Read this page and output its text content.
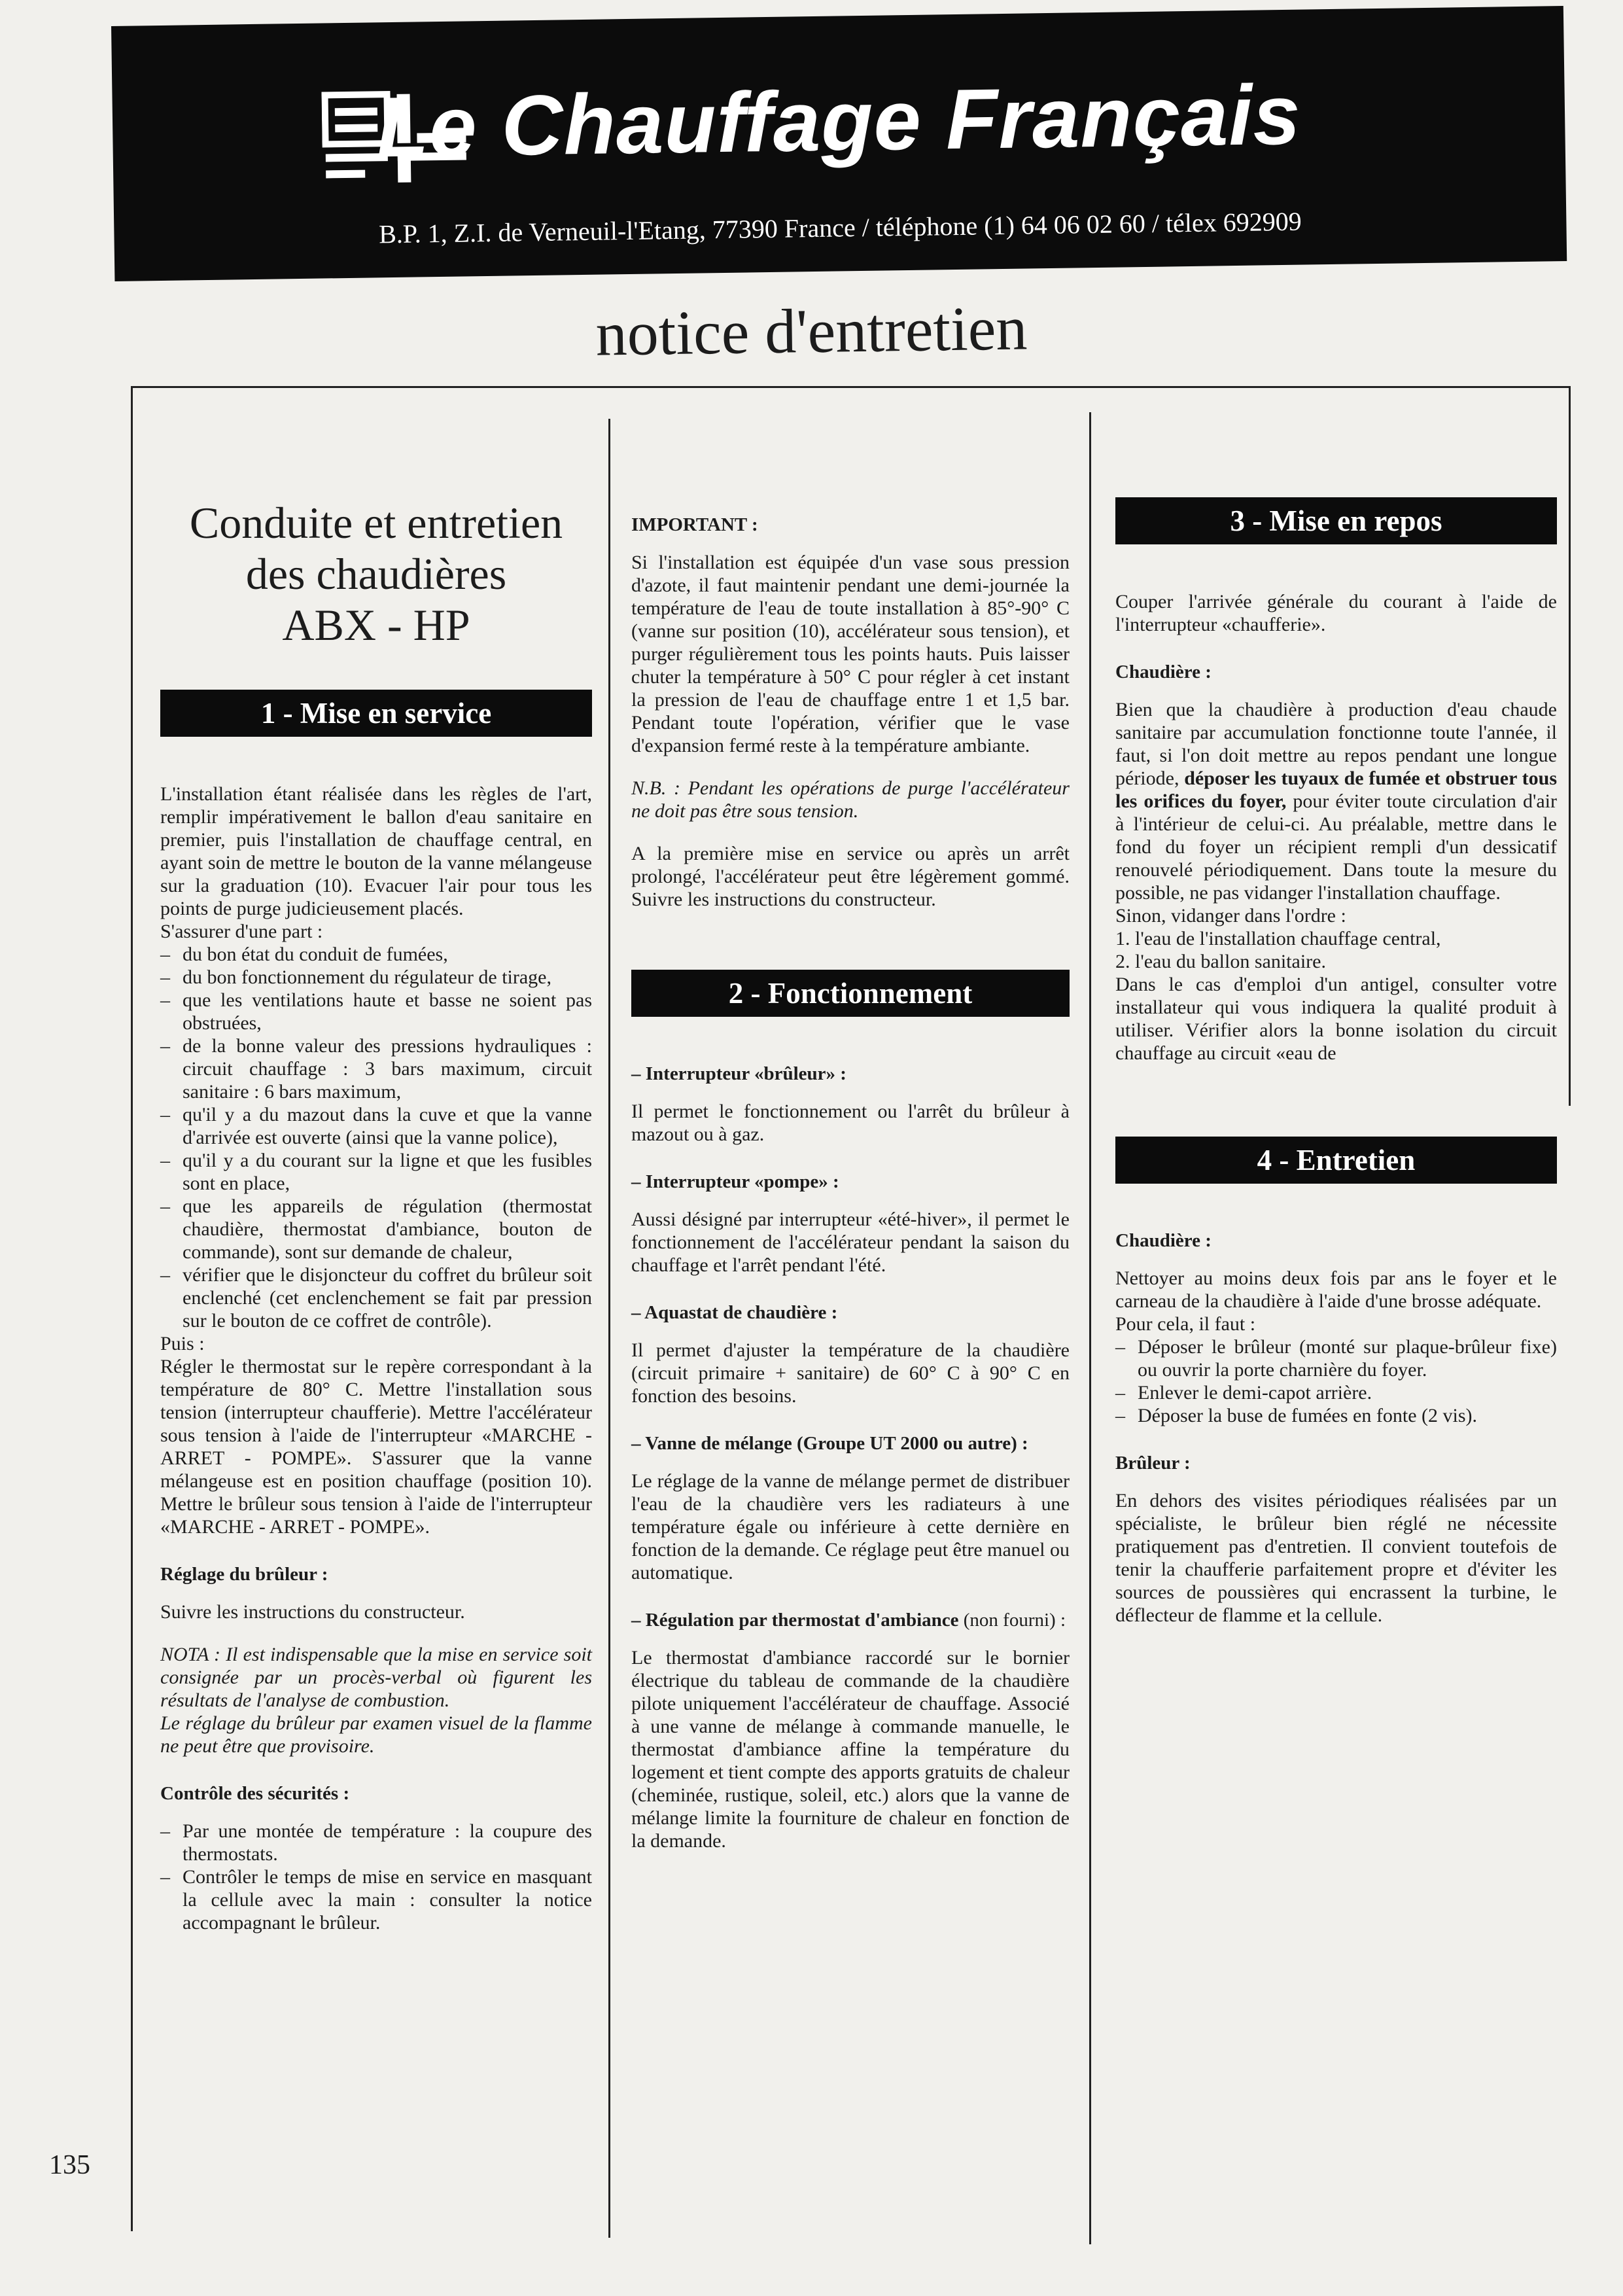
Le Chauffage Français
B.P. 1, Z.I. de Verneuil-l'Etang, 77390 France / téléphone (1) 64 06 02 60 / télex 692909
notice d'entretien
Conduite et entretien
des chaudières
ABX - HP
1 - Mise en service

L'installation étant réalisée dans les règles de l'art, remplir impérativement le ballon d'eau sanitaire en premier, puis l'installation de chauffage central, en ayant soin de mettre le bouton de la vanne mélangeuse sur la graduation (10). Evacuer l'air pour tous les points de purge judicieusement placés.

S'assurer d'une part :

– du bon état du conduit de fumées,
– du bon fonctionnement du régulateur de tirage,
– que les ventilations haute et basse ne soient pas obstruées,
– de la bonne valeur des pressions hydrauliques : circuit chauffage : 3 bars maximum, circuit sanitaire : 6 bars maximum,
– qu'il y a du mazout dans la cuve et que la vanne d'arrivée est ouverte (ainsi que la vanne police),
– qu'il y a du courant sur la ligne et que les fusibles sont en place,
– que les appareils de régulation (thermostat chaudière, thermostat d'ambiance, bouton de commande), sont sur demande de chaleur,
– vérifier que le disjoncteur du coffret du brûleur soit enclenché (cet enclenchement se fait par pression sur le bouton de ce coffret de contrôle).

Puis :

Régler le thermostat sur le repère correspondant à la température de 80° C. Mettre l'installation sous tension (interrupteur chaufferie). Mettre l'accélérateur sous tension à l'aide de l'interrupteur «MARCHE - ARRET - POMPE». S'assurer que la vanne mélangeuse est en position chauffage (position 10). Mettre le brûleur sous tension à l'aide de l'interrupteur «MARCHE - ARRET - POMPE».

Réglage du brûleur :

Suivre les instructions du constructeur.

NOTA : Il est indispensable que la mise en service soit consignée par un procès-verbal où figurent les résultats de l'analyse de combustion.

Le réglage du brûleur par examen visuel de la flamme ne peut être que provisoire.

Contrôle des sécurités :
– Par une montée de température : la coupure des thermostats.
– Contrôler le temps de mise en service en masquant la cellule avec la main : consulter la notice accompagnant le brûleur.
IMPORTANT :

Si l'installation est équipée d'un vase sous pression d'azote, il faut maintenir pendant une demi-journée la température de l'eau de toute installation à 85°-90° C (vanne sur position (10), accélérateur sous tension), et purger régulièrement tous les points hauts. Puis laisser chuter la température à 50° C pour régler à cet instant la pression de l'eau de chauffage entre 1 et 1,5 bar. Pendant toute l'opération, vérifier que le vase d'expansion fermé reste à la température ambiante.

N.B. : Pendant les opérations de purge l'accélérateur ne doit pas être sous tension.

A la première mise en service ou après un arrêt prolongé, l'accélérateur peut être légèrement gommé. Suivre les instructions du constructeur.

2 - Fonctionnement
– Interrupteur «brûleur» :

Il permet le fonctionnement ou l'arrêt du brûleur à mazout ou à gaz.

– Interrupteur «pompe» :

Aussi désigné par interrupteur «été-hiver», il permet le fonctionnement de l'accélérateur pendant la saison du chauffage et l'arrêt pendant l'été.

– Aquastat de chaudière :

Il permet d'ajuster la température de la chaudière (circuit primaire + sanitaire) de 60° C à 90° C en fonction des besoins.

– Vanne de mélange (Groupe UT 2000 ou autre) :

Le réglage de la vanne de mélange permet de distribuer l'eau de la chaudière vers les radiateurs à une température égale ou inférieure à cette dernière en fonction de la demande. Ce réglage peut être manuel ou automatique.

– Régulation par thermostat d'ambiance (non fourni) :

Le thermostat d'ambiance raccordé sur le bornier électrique du tableau de commande de la chaudière pilote uniquement l'accélérateur de chauffage. Associé à une vanne de mélange à commande manuelle, le thermostat d'ambiance affine la température du logement et tient compte des apports gratuits de chaleur (cheminée, rustique, soleil, etc.) alors que la vanne de mélange limite la fourniture de chaleur en fonction de la demande.

3 - Mise en repos

Couper l'arrivée générale du courant à l'aide de l'interrupteur «chaufferie».

Chaudière :

Bien que la chaudière à production d'eau chaude sanitaire par accumulation fonctionne toute l'année, il faut, si l'on doit mettre au repos pendant une longue période, déposer les tuyaux de fumée et obstruer tous les orifices du foyer, pour éviter toute circulation d'air à l'intérieur de celui-ci. Au préalable, mettre dans le fond du foyer un récipient rempli d'un dessicatif renouvelé périodiquement. Dans toute la mesure du possible, ne pas vidanger l'installation chauffage.

Sinon, vidanger dans l'ordre :

1. l'eau de l'installation chauffage central,

2. l'eau du ballon sanitaire.

Dans le cas d'emploi d'un antigel, consulter votre installateur qui vous indiquera la qualité produit à utiliser. Vérifier alors la bonne isolation du circuit chauffage au circuit «eau de

4 - Entretien
Chaudière :

Nettoyer au moins deux fois par ans le foyer et le carneau de la chaudière à l'aide d'une brosse adéquate.

Pour cela, il faut :

– Déposer le brûleur (monté sur plaque-brûleur fixe) ou ouvrir la porte charnière du foyer.
– Enlever le demi-capot arrière.
– Déposer la buse de fumées en fonte (2 vis).
Brûleur :

En dehors des visites périodiques réalisées par un spécialiste, le brûleur bien réglé ne nécessite pratiquement pas d'entretien. Il convient toutefois de tenir la chaufferie parfaitement propre et d'éviter les sources de poussières qui encrassent la turbine, le déflecteur de flamme et la cellule.

135
